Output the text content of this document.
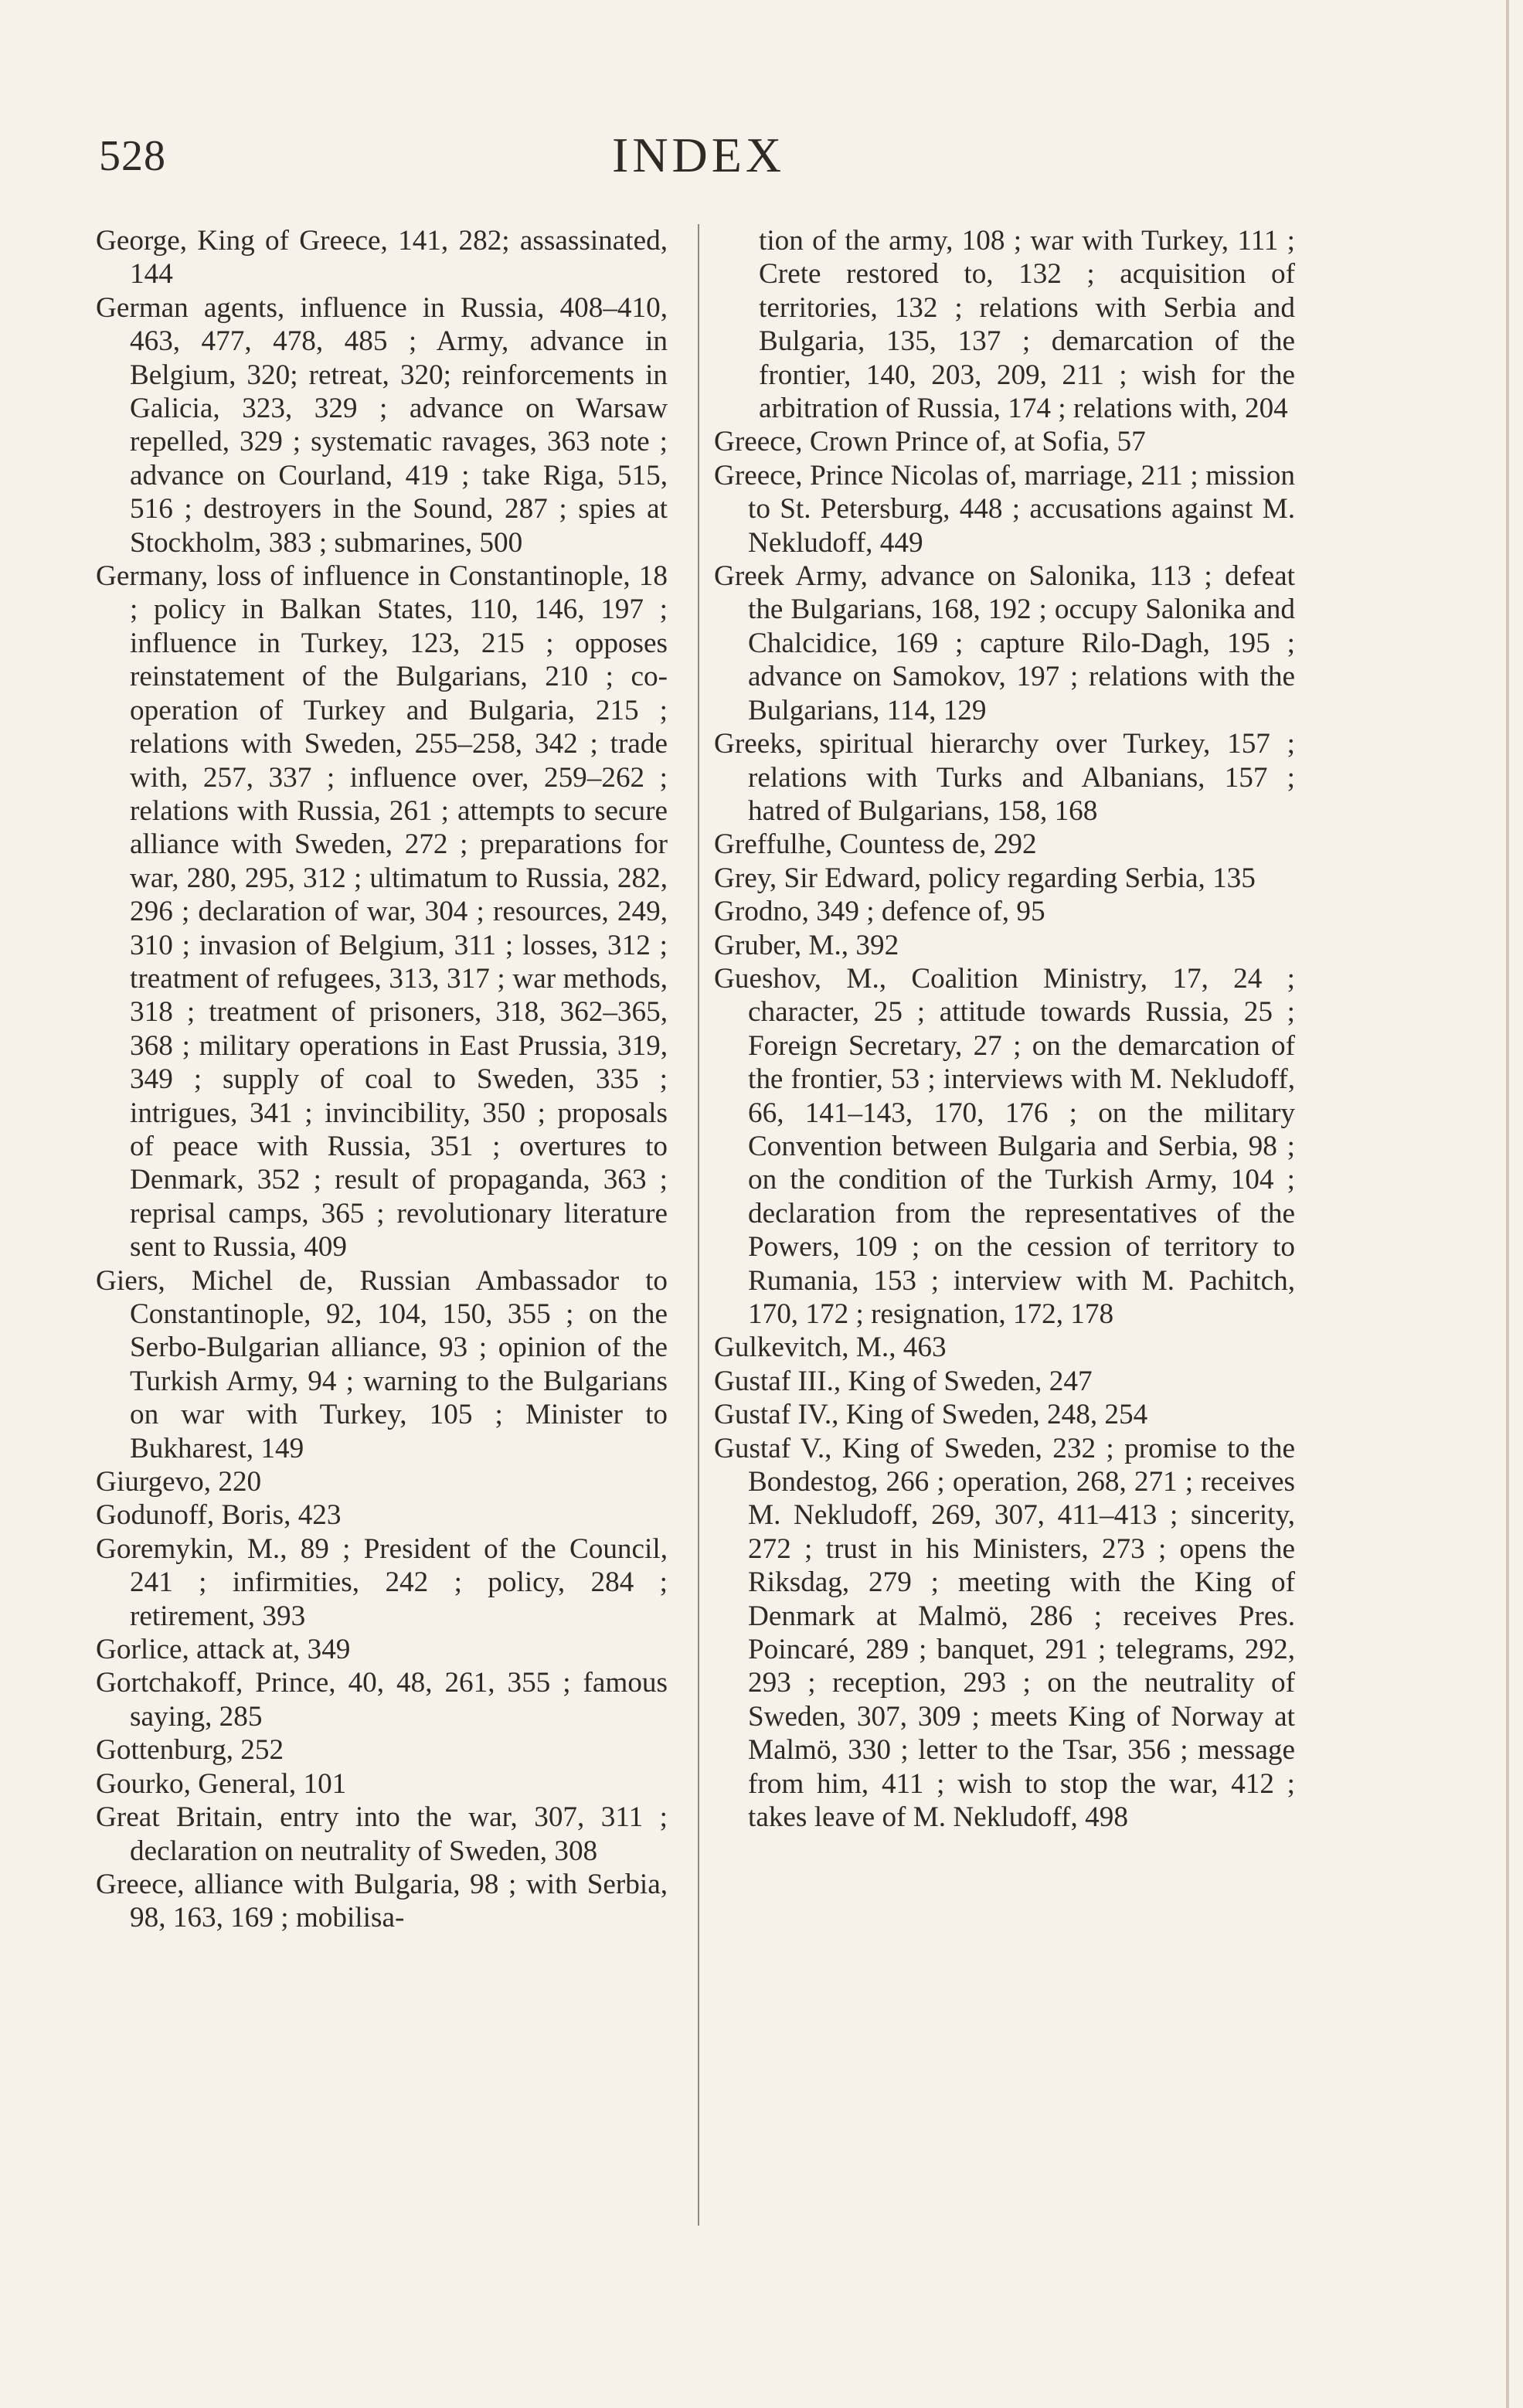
528	INDEX

George, King of Greece, 141, 282; assassinated, 144

German agents, influence in Russia, 408–410, 463, 477, 478, 485 ; Army, advance in Belgium, 320; retreat, 320; reinforcements in Galicia, 323, 329 ; advance on Warsaw repelled, 329 ; systematic ravages, 363 note ; advance on Courland, 419 ; take Riga, 515, 516 ; destroyers in the Sound, 287 ; spies at Stockholm, 383 ; submarines, 500

Germany, loss of influence in Constantinople, 18 ; policy in Balkan States, 110, 146, 197 ; influence in Turkey, 123, 215 ; opposes reinstatement of the Bulgarians, 210 ; co-operation of Turkey and Bulgaria, 215 ; relations with Sweden, 255–258, 342 ; trade with, 257, 337 ; influence over, 259–262 ; relations with Russia, 261 ; attempts to secure alliance with Sweden, 272 ; preparations for war, 280, 295, 312 ; ultimatum to Russia, 282, 296 ; declaration of war, 304 ; resources, 249, 310 ; invasion of Belgium, 311 ; losses, 312 ; treatment of refugees, 313, 317 ; war methods, 318 ; treatment of prisoners, 318, 362–365, 368 ; military operations in East Prussia, 319, 349 ; supply of coal to Sweden, 335 ; intrigues, 341 ; invincibility, 350 ; proposals of peace with Russia, 351 ; overtures to Denmark, 352 ; result of propaganda, 363 ; reprisal camps, 365 ; revolutionary literature sent to Russia, 409

Giers, Michel de, Russian Ambassador to Constantinople, 92, 104, 150, 355 ; on the Serbo-Bulgarian alliance, 93 ; opinion of the Turkish Army, 94 ; warning to the Bulgarians on war with Turkey, 105 ; Minister to Bukharest, 149

Giurgevo, 220

Godunoff, Boris, 423

Goremykin, M., 89 ; President of the Council, 241 ; infirmities, 242 ; policy, 284 ; retirement, 393

Gorlice, attack at, 349

Gortchakoff, Prince, 40, 48, 261, 355 ; famous saying, 285

Gottenburg, 252

Gourko, General, 101

Great Britain, entry into the war, 307, 311 ; declaration on neutrality of Sweden, 308

Greece, alliance with Bulgaria, 98 ; with Serbia, 98, 163, 169 ; mobilisa-

tion of the army, 108 ; war with Turkey, 111 ; Crete restored to, 132 ; acquisition of territories, 132 ; relations with Serbia and Bulgaria, 135, 137 ; demarcation of the frontier, 140, 203, 209, 211 ; wish for the arbitration of Russia, 174 ; relations with, 204

Greece, Crown Prince of, at Sofia, 57

Greece, Prince Nicolas of, marriage, 211 ; mission to St. Petersburg, 448 ; accusations against M. Nekludoff, 449

Greek Army, advance on Salonika, 113 ; defeat the Bulgarians, 168, 192 ; occupy Salonika and Chalcidice, 169 ; capture Rilo-Dagh, 195 ; advance on Samokov, 197 ; relations with the Bulgarians, 114, 129

Greeks, spiritual hierarchy over Turkey, 157 ; relations with Turks and Albanians, 157 ; hatred of Bulgarians, 158, 168

Greffulhe, Countess de, 292

Grey, Sir Edward, policy regarding Serbia, 135

Grodno, 349 ; defence of, 95

Gruber, M., 392

Gueshov, M., Coalition Ministry, 17, 24 ; character, 25 ; attitude towards Russia, 25 ; Foreign Secretary, 27 ; on the demarcation of the frontier, 53 ; interviews with M. Nekludoff, 66, 141–143, 170, 176 ; on the military Convention between Bulgaria and Serbia, 98 ; on the condition of the Turkish Army, 104 ; declaration from the representatives of the Powers, 109 ; on the cession of territory to Rumania, 153 ; interview with M. Pachitch, 170, 172 ; resignation, 172, 178

Gulkevitch, M., 463

Gustaf III., King of Sweden, 247

Gustaf IV., King of Sweden, 248, 254

Gustaf V., King of Sweden, 232 ; promise to the Bondestog, 266 ; operation, 268, 271 ; receives M. Nekludoff, 269, 307, 411–413 ; sincerity, 272 ; trust in his Ministers, 273 ; opens the Riksdag, 279 ; meeting with the King of Denmark at Malmö, 286 ; receives Pres. Poincaré, 289 ; banquet, 291 ; telegrams, 292, 293 ; reception, 293 ; on the neutrality of Sweden, 307, 309 ; meets King of Norway at Malmö, 330 ; letter to the Tsar, 356 ; message from him, 411 ; wish to stop the war, 412 ; takes leave of M. Nekludoff, 498
